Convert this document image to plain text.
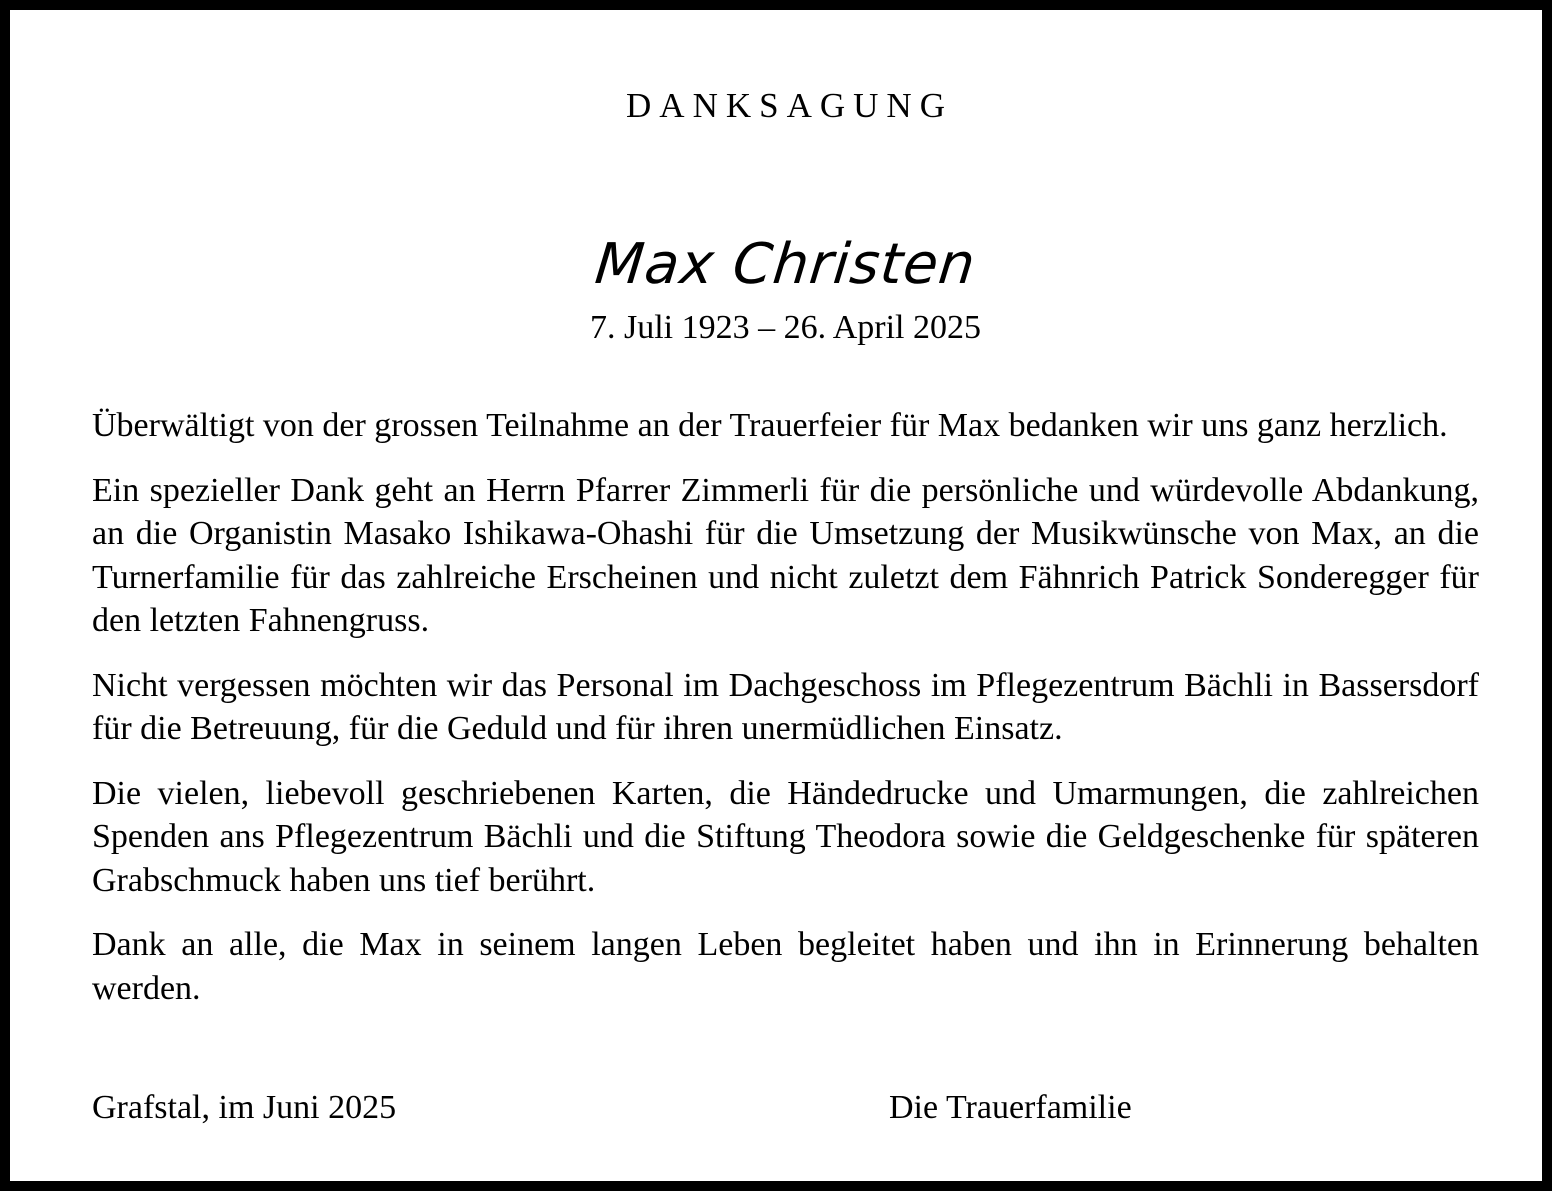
DANKSAGUNG
Max Christen
7. Juli 1923 – 26. April 2025

Überwältigt von der grossen Teilnahme an der Trauerfeier für Max bedanken wir uns ganz herzlich.

Ein spezieller Dank geht an Herrn Pfarrer Zimmerli für die persönliche und würdevolle Abdankung, an die Organistin Masako Ishikawa-Ohashi für die Umsetzung der Musikwünsche von Max, an die Turnerfamilie für das zahlreiche Erscheinen und nicht zuletzt dem Fähnrich Patrick Sonderegger für den letzten Fahnengruss.

Nicht vergessen möchten wir das Personal im Dachgeschoss im Pflegezentrum Bächli in Bassersdorf für die Betreuung, für die Geduld und für ihren unermüdlichen Einsatz.

Die vielen, liebevoll geschriebenen Karten, die Händedrucke und Umarmungen, die zahlreichen Spenden ans Pflegezentrum Bächli und die Stiftung Theodora sowie die Geldgeschenke für späteren Grabschmuck haben uns tief berührt.

Dank an alle, die Max in seinem langen Leben begleitet haben und ihn in Erinnerung behalten werden.

Grafstal, im Juni 2025	Die Trauerfamilie
